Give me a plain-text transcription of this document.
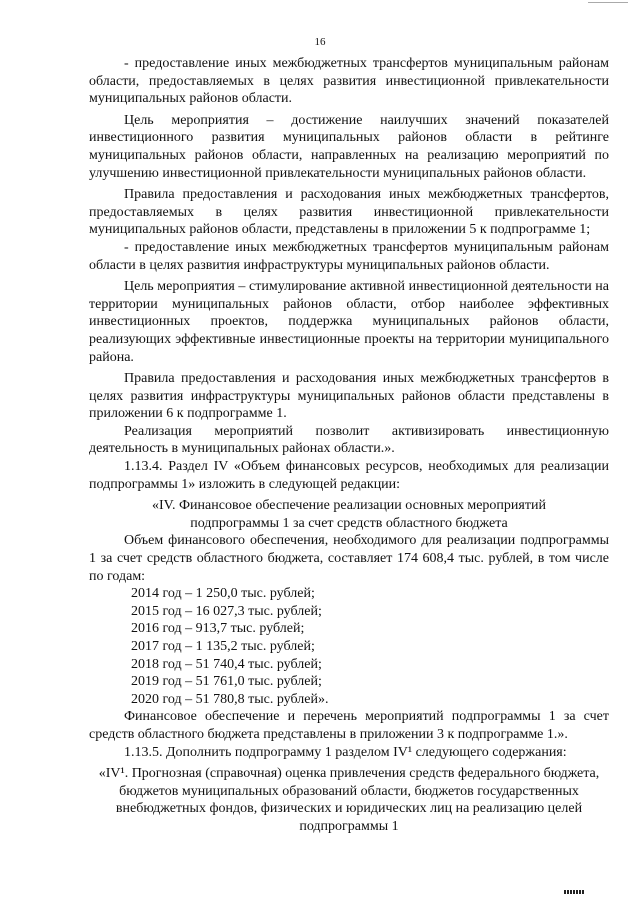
16

- предоставление иных межбюджетных трансфертов муниципальным районам области, предоставляемых в целях развития инвестиционной привлекательности муниципальных районов области.

Цель мероприятия – достижение наилучших значений показателей инвестиционного развития муниципальных районов области в рейтинге муниципальных районов области, направленных на реализацию мероприятий по улучшению инвестиционной привлекательности муниципальных районов области.

Правила предоставления и расходования иных межбюджетных трансфертов, предоставляемых в целях развития инвестиционной привлекательности муниципальных районов области, представлены в приложении 5 к подпрограмме 1;

- предоставление иных межбюджетных трансфертов муниципальным районам области в целях развития инфраструктуры муниципальных районов области.

Цель мероприятия – стимулирование активной инвестиционной деятельности на территории муниципальных районов области, отбор наиболее эффективных инвестиционных проектов, поддержка муниципальных районов области, реализующих эффективные инвестиционные проекты на территории муниципального района.

Правила предоставления и расходования иных межбюджетных трансфертов в целях развития инфраструктуры муниципальных районов области представлены в приложении 6 к подпрограмме 1.

Реализация мероприятий позволит активизировать инвестиционную деятельность в муниципальных районах области.».

1.13.4. Раздел IV «Объем финансовых ресурсов, необходимых для реализации подпрограммы 1» изложить в следующей редакции:

«IV. Финансовое обеспечение реализации основных мероприятий подпрограммы 1 за счет средств областного бюджета

Объем финансового обеспечения, необходимого для реализации подпрограммы 1 за счет средств областного бюджета, составляет 174 608,4 тыс. рублей, в том числе по годам:

2014 год – 1 250,0 тыс. рублей;

2015 год – 16 027,3 тыс. рублей;

2016 год – 913,7 тыс. рублей;

2017 год – 1 135,2 тыс. рублей;

2018 год – 51 740,4 тыс. рублей;

2019 год – 51 761,0 тыс. рублей;

2020 год – 51 780,8 тыс. рублей».

Финансовое обеспечение и перечень мероприятий подпрограммы 1 за счет средств областного бюджета представлены в приложении 3 к подпрограмме 1.».

1.13.5. Дополнить подпрограмму 1 разделом IV¹ следующего содержания:

«IV¹. Прогнозная (справочная) оценка привлечения средств федерального бюджета, бюджетов муниципальных образований области, бюджетов государственных внебюджетных фондов, физических и юридических лиц на реализацию целей подпрограммы 1
